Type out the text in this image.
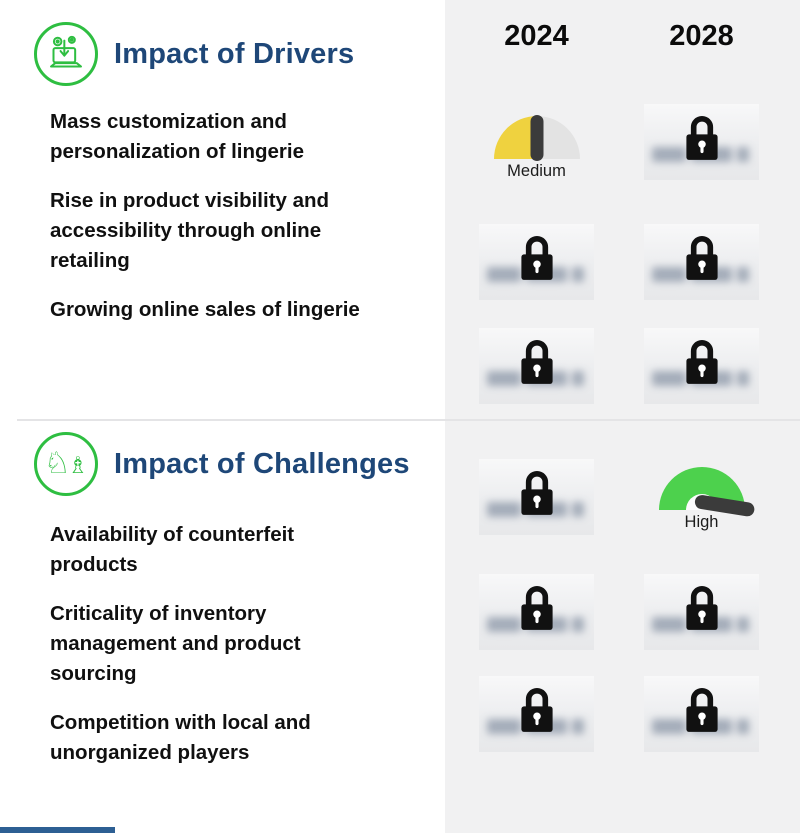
2024	2028
Impact of Drivers
♘♗ Impact of Challenges
Mass customization and personalization of lingerie
Rise in product visibility and accessibility through online retailing
Growing online sales of lingerie
Availability of counterfeit products
Criticality of inventory management and product sourcing
Competition with local and unorganized players
Medium
High
